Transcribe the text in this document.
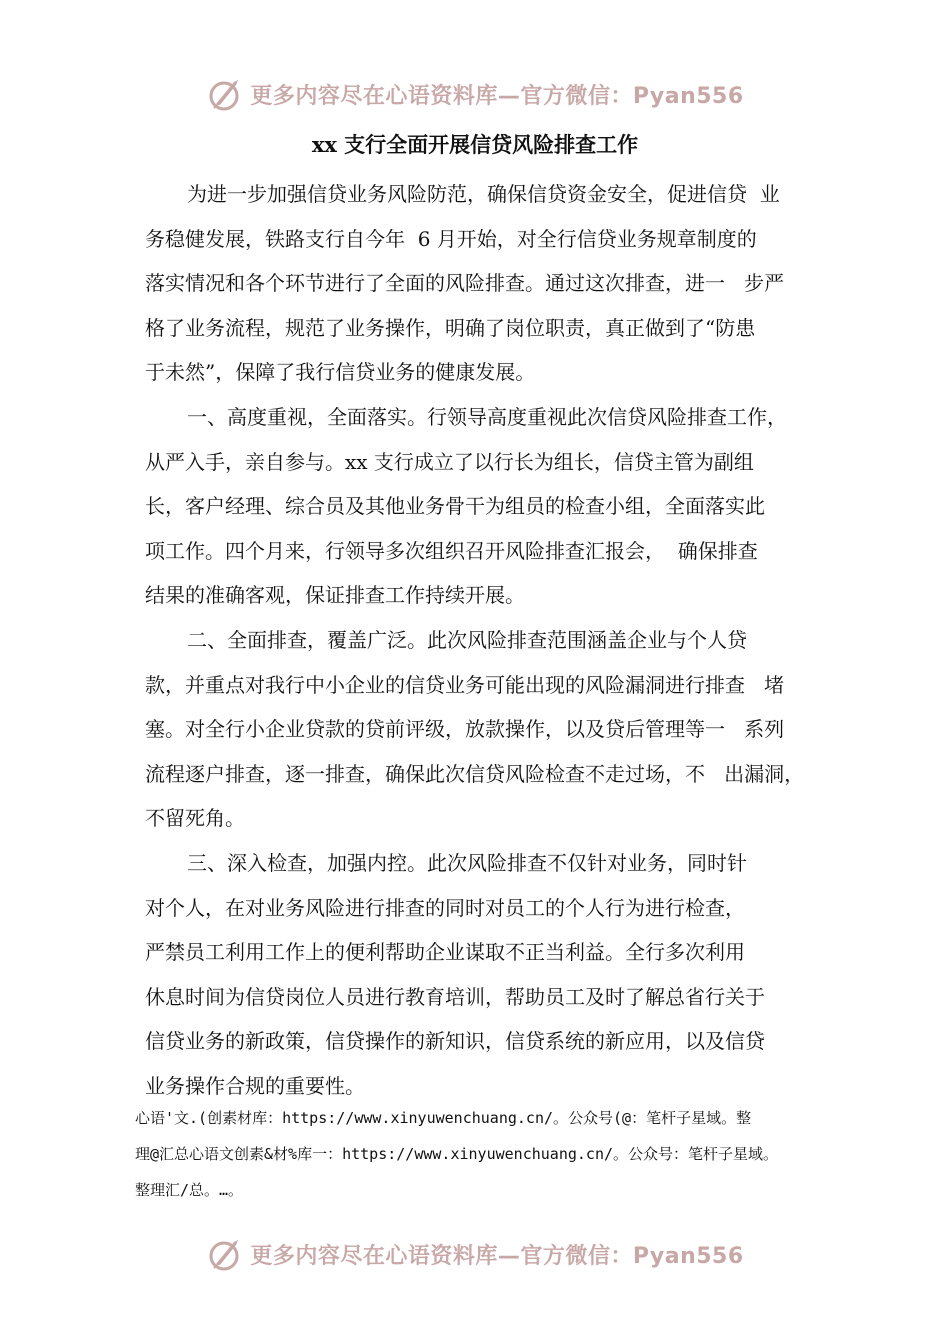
更多内容尽在心语资料库—官方微信：Pyan556
xx 支行全面开展信贷风险排查工作
为进一步加强信贷业务风险防范，确保信贷资金安全，促进信贷  业
务稳健发展，铁路支行自今年  6 月开始，对全行信贷业务规章制度的
落实情况和各个环节进行了全面的风险排查。通过这次排查，进一   步严
格了业务流程，规范了业务操作，明确了岗位职责，真正做到了“防患
于未然”，保障了我行信贷业务的健康发展。
一、高度重视，全面落实。行领导高度重视此次信贷风险排查工作，
从严入手，亲自参与。xx 支行成立了以行长为组长，信贷主管为副组
长，客户经理、综合员及其他业务骨干为组员的检查小组，全面落实此
项工作。四个月来，行领导多次组织召开风险排查汇报会，  确保排查
结果的准确客观，保证排查工作持续开展。
二、全面排查，覆盖广泛。此次风险排查范围涵盖企业与个人贷
款，并重点对我行中小企业的信贷业务可能出现的风险漏洞进行排查   堵
塞。对全行小企业贷款的贷前评级，放款操作，以及贷后管理等一   系列
流程逐户排查，逐一排查，确保此次信贷风险检查不走过场，不   出漏洞，
不留死角。
三、深入检查，加强内控。此次风险排查不仅针对业务，同时针
对个人，在对业务风险进行排查的同时对员工的个人行为进行检查，
严禁员工利用工作上的便利帮助企业谋取不正当利益。全行多次利用
休息时间为信贷岗位人员进行教育培训，帮助员工及时了解总省行关于
信贷业务的新政策，信贷操作的新知识，信贷系统的新应用，以及信贷
业务操作合规的重要性。
心语'文.(创素材库：https://www.xinyuwenchuang.cn/。公众号(@：笔杆子星域。整
理@汇总心语文创素&材%库一：https://www.xinyuwenchuang.cn/。公众号：笔杆子星域。
整理汇/总。…。
更多内容尽在心语资料库—官方微信：Pyan556
